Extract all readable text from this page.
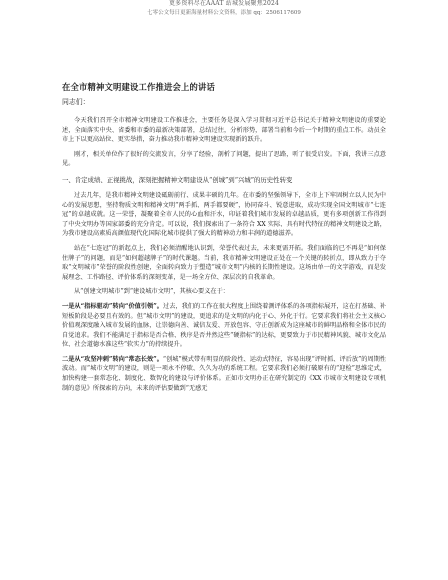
更多资料尽在AAAT 站城发展聚焦2024
七零公文每日更新海量材料公文资料，添加 qq：2506117609
在全市精神文明建设工作推进会上的讲话
同志们：

今天我们召开全市精神文明建设工作推进会，主要任务是深入学习贯彻习近平总书记关于精神文明建设的重要论述，全面落实中央、省委和市委的最新决策部署，总结过往，分析形势，部署当前和今后一个时期的重点工作。动员全市上下以更高站位、更实举措，奋力推动我市精神文明建设实现新的跃升。

刚才，相关单位作了很好的交流发言，分享了经验，剖析了问题，提出了思路，听了很受启发。下面，我讲三点意见。

一、肯定成绩、正视挑战，深刻把握精神文明建设从“创城”到“兴城”的历史性转变

过去几年，是我市精神文明建设砥砺前行、成果丰硕的几年。在市委的坚强领导下，全市上下牢固树立以人民为中心的发展思想，坚持物质文明和精神文明“两手抓、两手都要硬”，协同奋斗、锐意进取，成功实现全国文明城市“七连冠”的卓越成就。这一荣誉，凝聚着全市人民的心血和汗水，印证着我们城市发展的卓越品质，更有多项创新工作得到了中央文明办等国家部委的充分肯定。可以说，我们探索出了一条符合 XX 实际、具有时代特征的精神文明建设之路，为我市建设高素质高颜值现代化国际化城市提供了强大的精神动力和丰润的道德滋养。

站在“七连冠”的新起点上，我们必须清醒地认识到，荣誉代表过去，未来更需开拓。我们面临的已不再是“如何保住牌子”的问题，而是“如何超越牌子”的时代课题。当前，我市精神文明建设正处在一个关键的转折点，即从致力于夺取“文明城市”荣誉的阶段性创建，全面转向致力于塑造“城市文明”内核的长期性建设。这场由单一的文字游戏，而是发展理念、工作路径、评价体系的深刻变革，是一场全方位、深层次的自我革命。

从“创建文明城市”到“建设城市文明”，其核心要义在于：

一是从“指标驱动”转向“价值引领”。过去，我们的工作在很大程度上围绕着测评体系的各项指标展开，这在打基础、补短板阶段是必要且有效的。但“城市文明”的建设，更追求的是文明的内化于心、外化于行。它要求我们将社会主义核心价值观深度融入城市发展的血脉，让崇德向善、诚信友爱、开放包容、守正创新成为这座城市的鲜明品格和全体市民的自觉追求。我们不能满足于指标是否合格、秩序是否井然这些“硬指标”的达标，更要致力于市民精神风貌、城市文化品位、社会道德水准这些“软实力”的持续提升。

二是从“攻坚冲刺”转向“常态长效”。“创城”模式带有明显的阶段性、运动式特征，容易出现“评时抓、评后放”的周期性波动。而“城市文明”的建设，则是一项永不停歇、久久为功的系统工程。它要求我们必须打破原有的“迎检”思维定式，加快构建一套常态化、制度化、数智化的建设与评价体系。正如市文明办正在研究制定的《XX 市城市文明建设专项机制的意见》所探索的方向，未来的评估要做到“无感无
